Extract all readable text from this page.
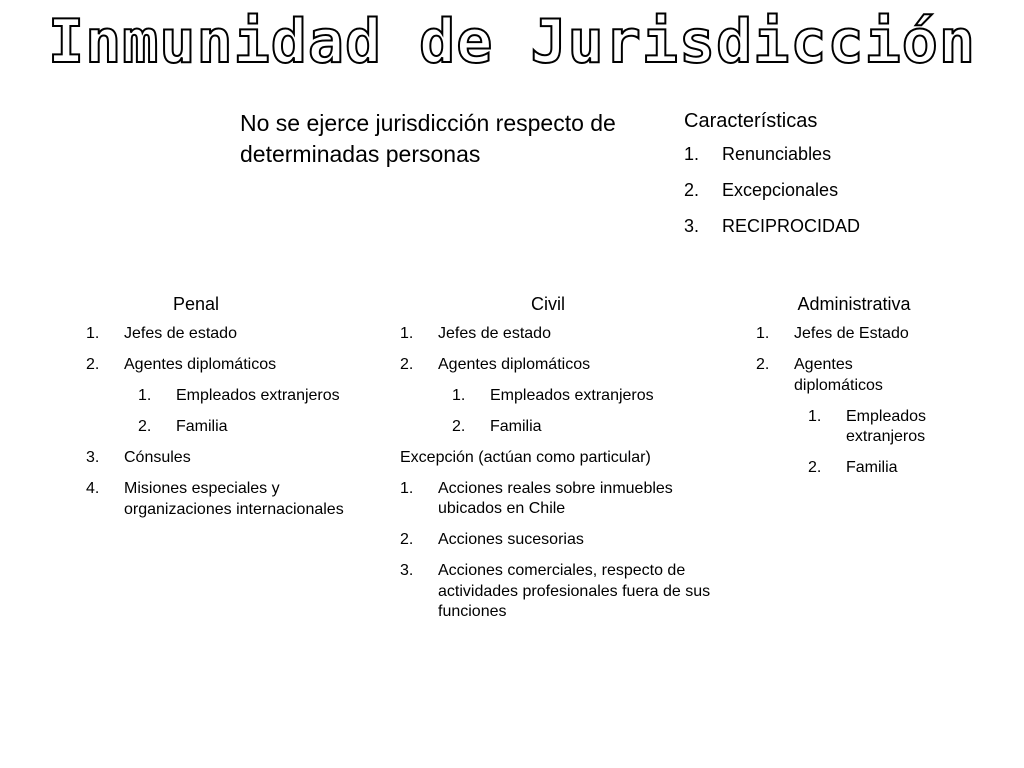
Inmunidad de Jurisdicción
No se ejerce jurisdicción respecto de determinadas personas
Características
1. Renunciables
2. Excepcionales
3. RECIPROCIDAD
Penal
1. Jefes de estado
2. Agentes diplomáticos
1. Empleados extranjeros
2. Familia
3. Cónsules
4. Misiones especiales y organizaciones internacionales
Civil
1. Jefes de estado
2. Agentes diplomáticos
1. Empleados extranjeros
2. Familia
Excepción (actúan como particular)
1. Acciones reales sobre inmuebles ubicados en Chile
2. Acciones sucesorias
3. Acciones comerciales, respecto de actividades profesionales fuera de sus funciones
Administrativa
1. Jefes de Estado
2. Agentes diplomáticos
1. Empleados extranjeros
2. Familia
